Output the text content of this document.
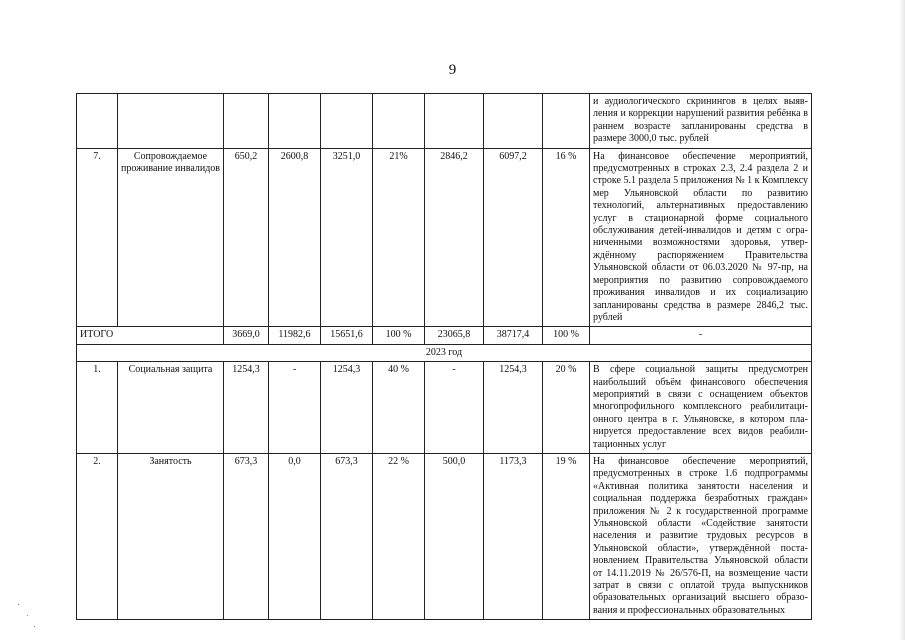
9
									и аудиологического скринингов в целях выявления и коррекции нарушений развития ребёнка в раннем возрасте запланированы средства в размере 3000,0 тыс. рублей
7.	Сопровождаемое проживание инвалидов	650,2	2600,8	3251,0	21%	2846,2	6097,2	16 %	На финансовое обеспечение мероприятий, предусмотренных в строках 2.3, 2.4 раздела 2 и строке 5.1 раздела 5 приложения № 1 к Комплексу мер Ульяновской области по развитию технологий, альтернативных предоставлению услуг в стационарной форме социального обслуживания детей-инвалидов и детям с ограниченными возможностями здоровья, утверждённому распоряжением Правительства Ульяновской области от 06.03.2020 № 97-пр, на мероприятия по развитию сопровождаемого проживания инвалидов и их социализацию запланированы средства в размере 2846,2 тыс. рублей
ИТОГО		3669,0	11982,6	15651,6	100 %	23065,8	38717,4	100 %	-
2023 год									
1.	Социальная защита	1254,3	-	1254,3	40 %	-	1254,3	20 %	В сфере социальной защиты предусмотрен наибольший объём финансового обеспечения мероприятий в связи с оснащением объектов многопрофильного комплексного реабилитационного центра в г. Ульяновске, в котором планируется предоставление всех видов реабилитационных услуг
2.	Занятость	673,3	0,0	673,3	22 %	500,0	1173,3	19 %	На финансовое обеспечение мероприятий, предусмотренных в строке 1.6 подпрограммы «Активная политика занятости населения и социальная поддержка безработных граждан» приложения № 2 к государственной программе Ульяновской области «Содействие занятости населения и развитие трудовых ресурсов в Ульяновской области», утверждённой постановлением Правительства Ульяновской области от 14.11.2019 № 26/576-П, на возмещение части затрат в связи с оплатой труда выпускников образовательных организаций высшего образования и профессиональных образовательных
